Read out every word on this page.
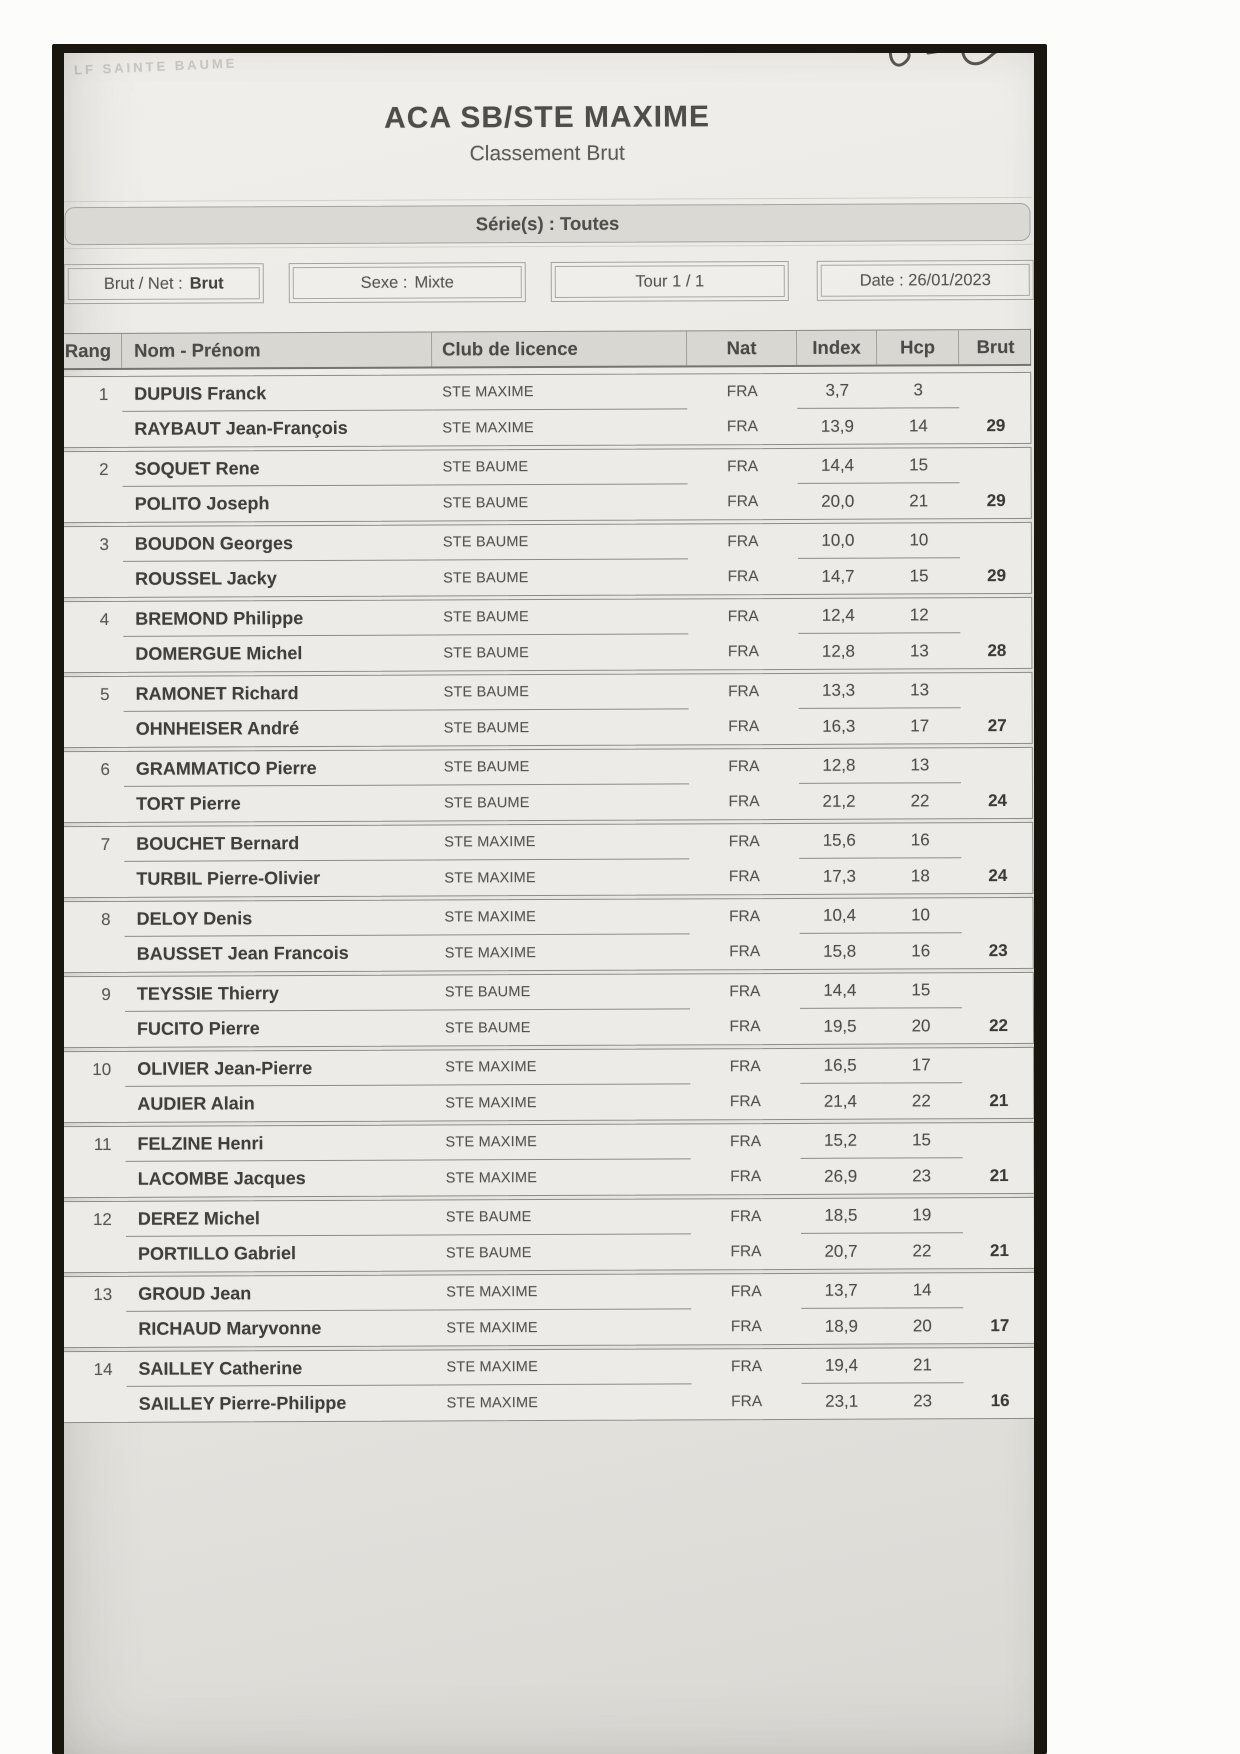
LF SAINTE BAUME
ACA SB/STE MAXIME
Classement Brut
Série(s) : Toutes
Brut / Net : Brut	Sexe : Mixte	Tour 1 / 1	Date : 26/01/2023
Rang	Nom - Prénom	Club de licence	Nat	Index	Hcp	Brut
1	DUPUIS Franck	STE MAXIME	FRA	3,7	3
RAYBAUT Jean-François	STE MAXIME	FRA	13,9	14	29
2	SOQUET Rene	STE BAUME	FRA	14,4	15
POLITO Joseph	STE BAUME	FRA	20,0	21	29
3	BOUDON Georges	STE BAUME	FRA	10,0	10
ROUSSEL Jacky	STE BAUME	FRA	14,7	15	29
4	BREMOND Philippe	STE BAUME	FRA	12,4	12
DOMERGUE Michel	STE BAUME	FRA	12,8	13	28
5	RAMONET Richard	STE BAUME	FRA	13,3	13
OHNHEISER André	STE BAUME	FRA	16,3	17	27
6	GRAMMATICO Pierre	STE BAUME	FRA	12,8	13
TORT Pierre	STE BAUME	FRA	21,2	22	24
7	BOUCHET Bernard	STE MAXIME	FRA	15,6	16
TURBIL Pierre-Olivier	STE MAXIME	FRA	17,3	18	24
8	DELOY Denis	STE MAXIME	FRA	10,4	10
BAUSSET Jean Francois	STE MAXIME	FRA	15,8	16	23
9	TEYSSIE Thierry	STE BAUME	FRA	14,4	15
FUCITO Pierre	STE BAUME	FRA	19,5	20	22
10	OLIVIER Jean-Pierre	STE MAXIME	FRA	16,5	17
AUDIER Alain	STE MAXIME	FRA	21,4	22	21
11	FELZINE Henri	STE MAXIME	FRA	15,2	15
LACOMBE Jacques	STE MAXIME	FRA	26,9	23	21
12	DEREZ Michel	STE BAUME	FRA	18,5	19
PORTILLO Gabriel	STE BAUME	FRA	20,7	22	21
13	GROUD Jean	STE MAXIME	FRA	13,7	14
RICHAUD Maryvonne	STE MAXIME	FRA	18,9	20	17
14	SAILLEY Catherine	STE MAXIME	FRA	19,4	21
SAILLEY Pierre-Philippe	STE MAXIME	FRA	23,1	23	16
